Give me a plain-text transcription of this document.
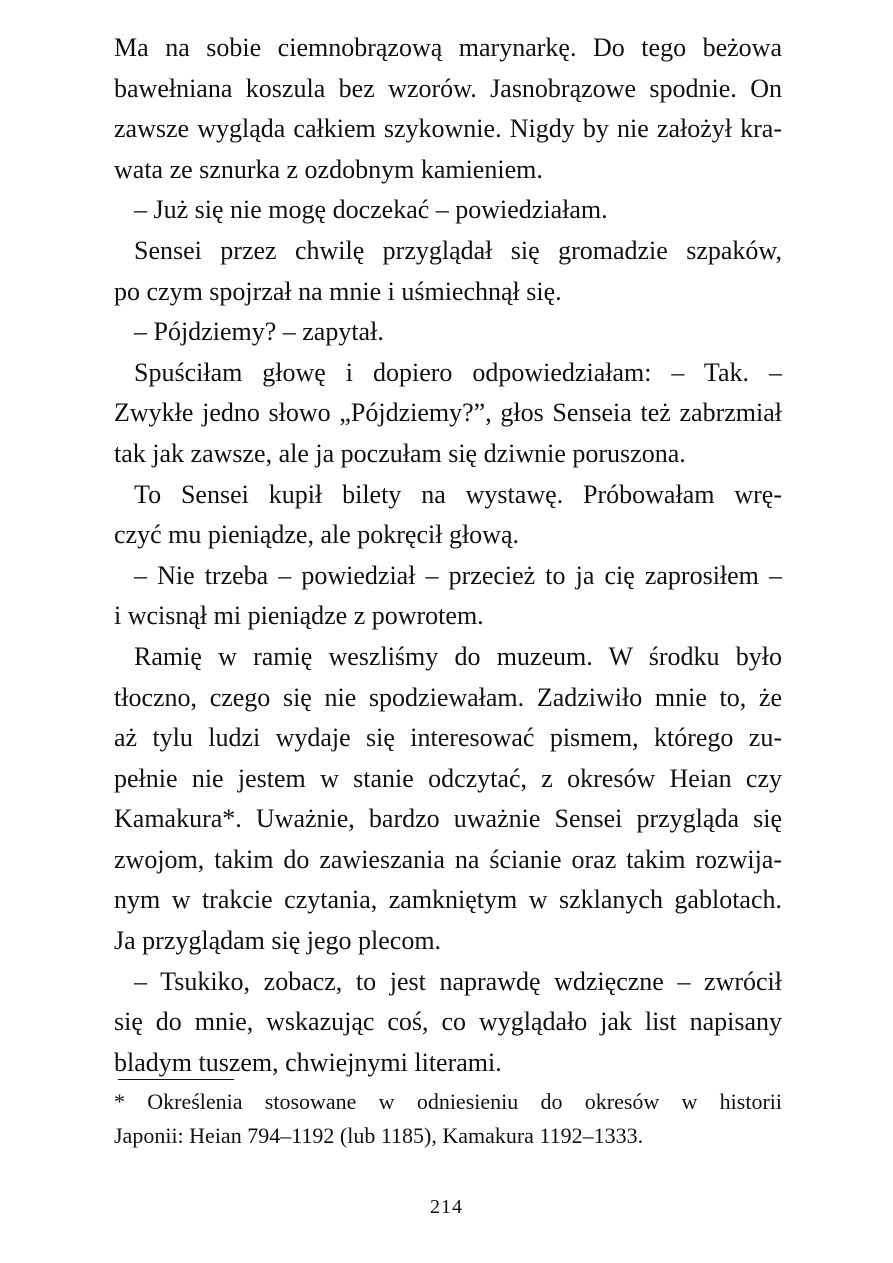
Ma na sobie ciemnobrązową marynarkę. Do tego beżowa
bawełniana koszula bez wzorów. Jasnobrązowe spodnie. On
zawsze wygląda całkiem szykownie. Nigdy by nie założył kra-
wata ze sznurka z ozdobnym kamieniem.
– Już się nie mogę doczekać – powiedziałam.
Sensei przez chwilę przyglądał się gromadzie szpaków,
po czym spojrzał na mnie i uśmiechnął się.
– Pójdziemy? – zapytał.
Spuściłam głowę i dopiero odpowiedziałam: – Tak. –
Zwykłe jedno słowo „Pójdziemy?”, głos Senseia też zabrzmiał
tak jak zawsze, ale ja poczułam się dziwnie poruszona.
To Sensei kupił bilety na wystawę. Próbowałam wrę-
czyć mu pieniądze, ale pokręcił głową.
– Nie trzeba – powiedział – przecież to ja cię zaprosiłem –
i wcisnął mi pieniądze z powrotem.
Ramię w ramię weszliśmy do muzeum. W środku było
tłoczno, czego się nie spodziewałam. Zadziwiło mnie to, że
aż tylu ludzi wydaje się interesować pismem, którego zu-
pełnie nie jestem w stanie odczytać, z okresów Heian czy
Kamakura*. Uważnie, bardzo uważnie Sensei przygląda się
zwojom, takim do zawieszania na ścianie oraz takim rozwija-
nym w trakcie czytania, zamkniętym w szklanych gablotach.
Ja przyglądam się jego plecom.
– Tsukiko, zobacz, to jest naprawdę wdzięczne – zwrócił
się do mnie, wskazując coś, co wyglądało jak list napisany
bladym tuszem, chwiejnymi literami.
* Określenia stosowane w odniesieniu do okresów w historii
Japonii: Heian 794–1192 (lub 1185), Kamakura 1192–1333.
214
